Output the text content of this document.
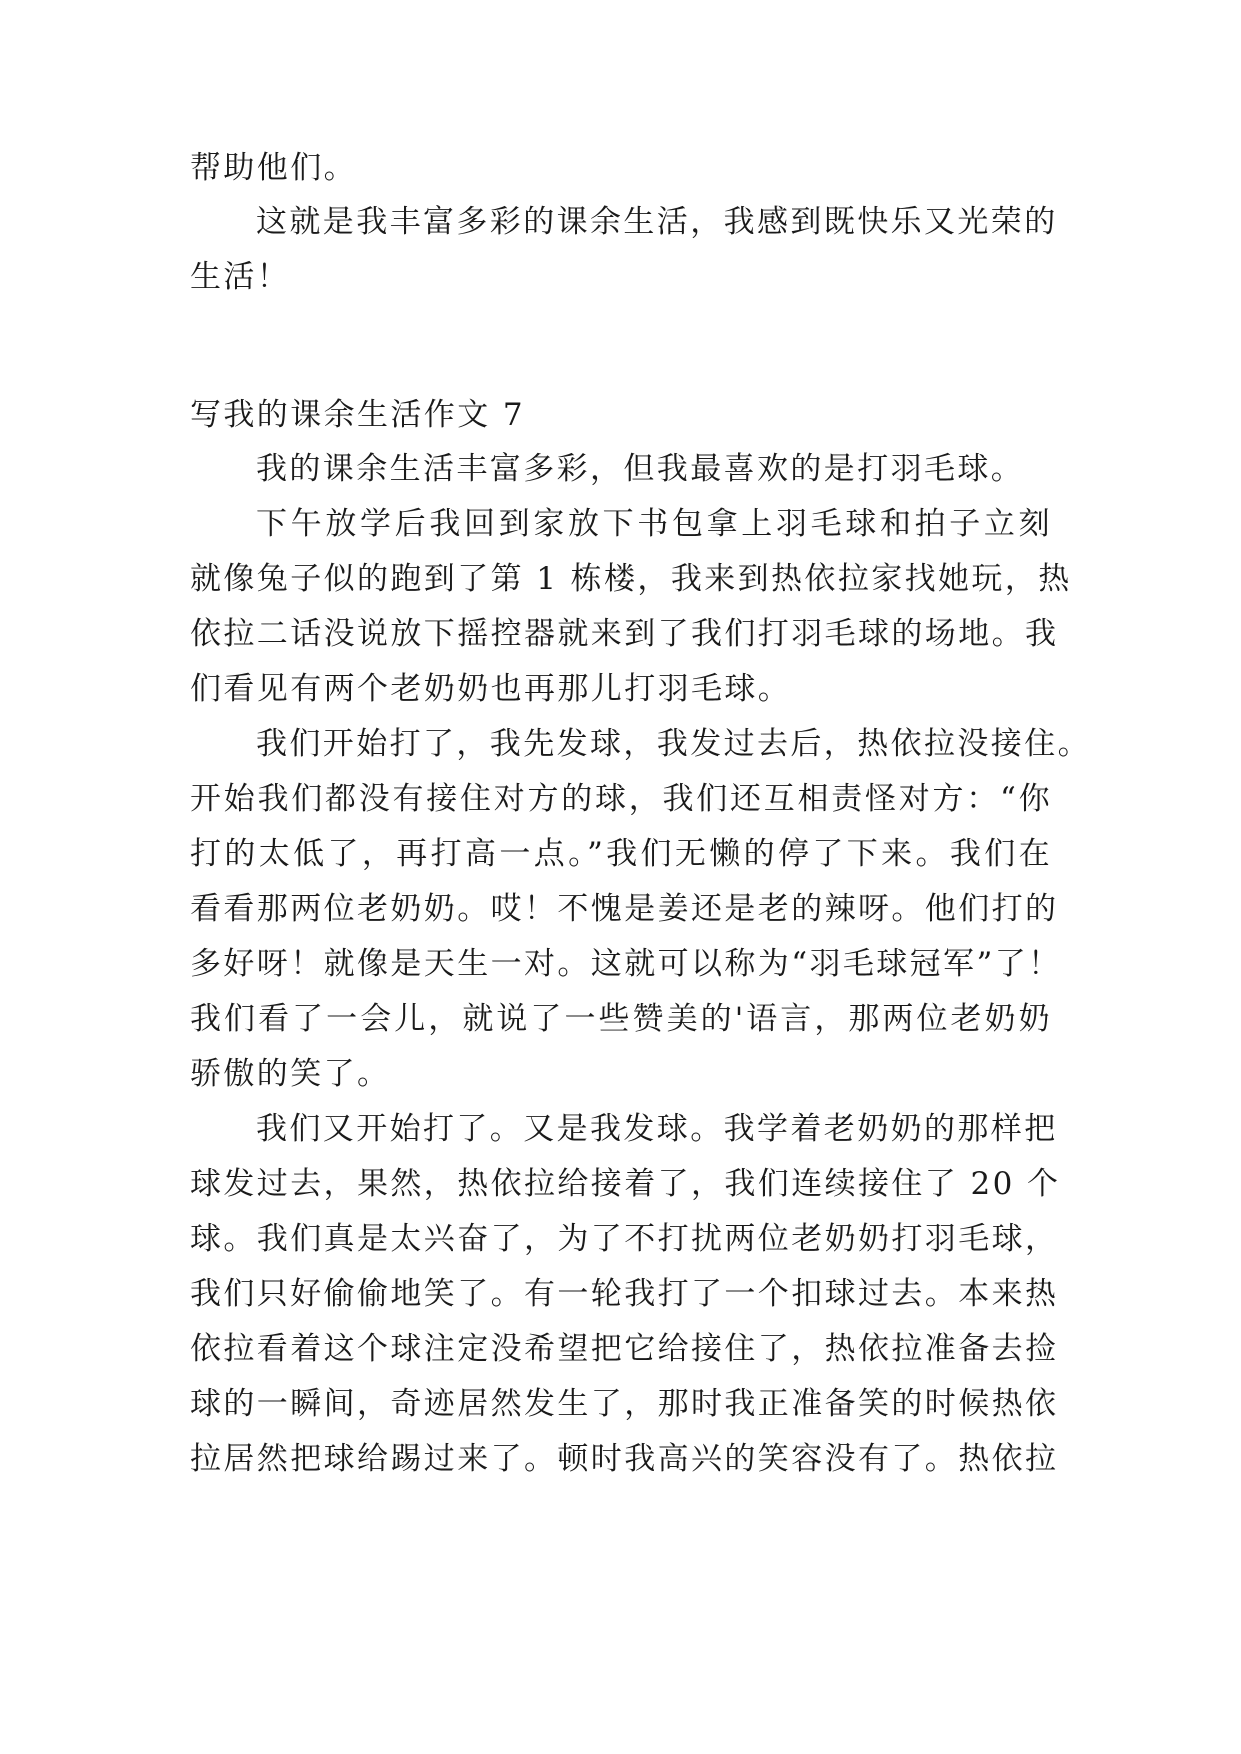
帮助他们。
这就是我丰富多彩的课余生活，我感到既快乐又光荣的
生活！
写我的课余生活作文 7
我的课余生活丰富多彩，但我最喜欢的是打羽毛球。
下午放学后我回到家放下书包拿上羽毛球和拍子立刻
就像兔子似的跑到了第 1 栋楼，我来到热依拉家找她玩，热
依拉二话没说放下摇控器就来到了我们打羽毛球的场地。我
们看见有两个老奶奶也再那儿打羽毛球。
我们开始打了，我先发球，我发过去后，热依拉没接住。
开始我们都没有接住对方的球，我们还互相责怪对方：“你
打的太低了，再打高一点。”我们无懒的停了下来。我们在
看看那两位老奶奶。哎！不愧是姜还是老的辣呀。他们打的
多好呀！就像是天生一对。这就可以称为“羽毛球冠军”了！
我们看了一会儿，就说了一些赞美的'语言，那两位老奶奶
骄傲的笑了。
我们又开始打了。又是我发球。我学着老奶奶的那样把
球发过去，果然，热依拉给接着了，我们连续接住了 20 个
球。我们真是太兴奋了，为了不打扰两位老奶奶打羽毛球，
我们只好偷偷地笑了。有一轮我打了一个扣球过去。本来热
依拉看着这个球注定没希望把它给接住了，热依拉准备去捡
球的一瞬间，奇迹居然发生了，那时我正准备笑的时候热依
拉居然把球给踢过来了。顿时我高兴的笑容没有了。热依拉
